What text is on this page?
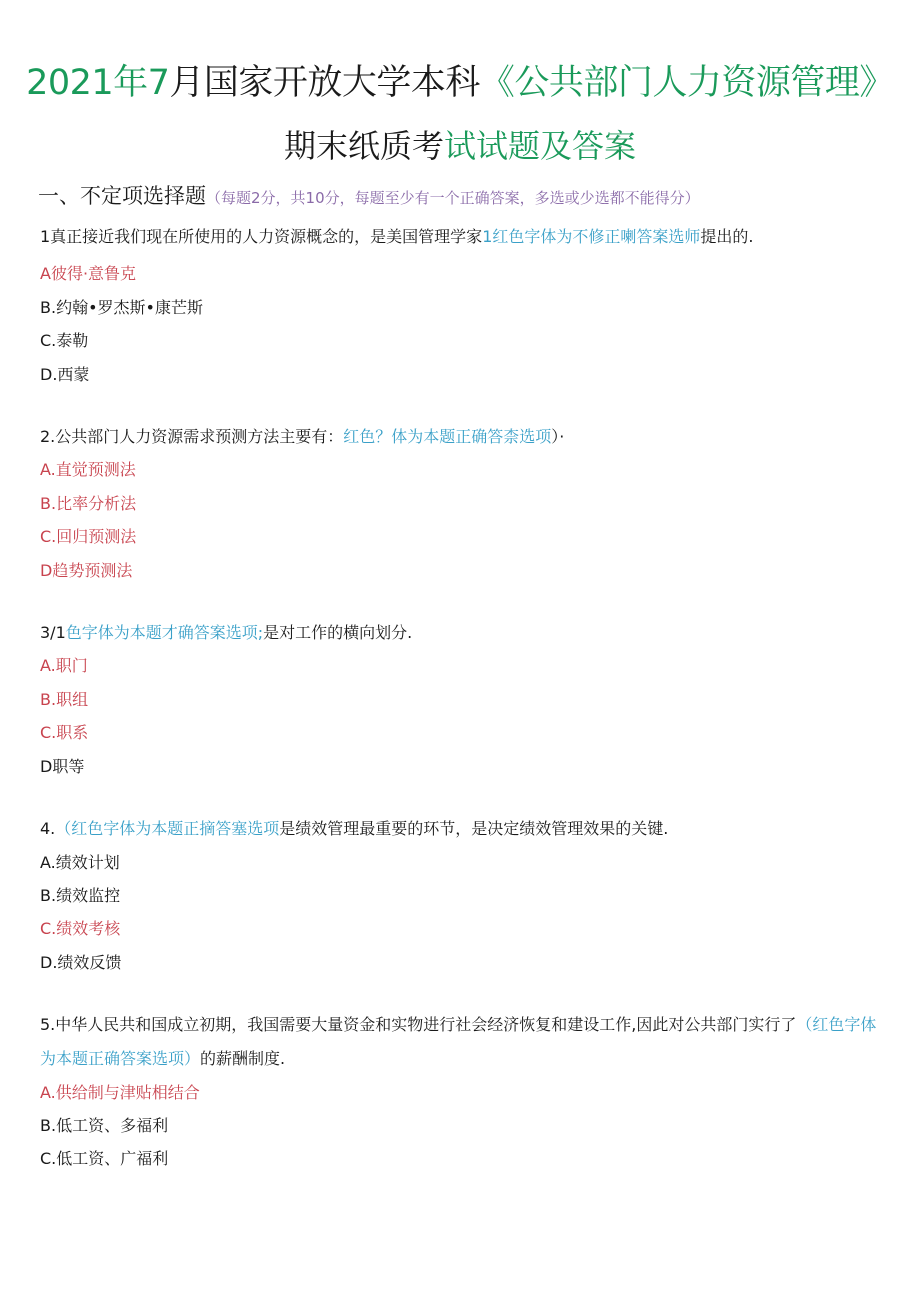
2021年7月国家开放大学本科《公共部门人力资源管理》
期末纸质考试试题及答案
一、不定项选择题（每题2分，共10分，每题至少有一个正确答案，多选或少选都不能得分）
1真正接近我们现在所使用的人力资源概念的，是美国管理学家1红色字体为不修正喇答案选师提出的.
A彼得·意鲁克
B.约翰•罗杰斯•康芒斯
C.泰勒
D.西蒙
2.公共部门人力资源需求预测方法主要有：红色？体为本题正确答柰选项）·
A.直觉预测法
B.比率分析法
C.回归预测法
D趋势预测法
3/1色字体为本题才确答案选项;是对工作的横向划分.
A.职门
B.职组
C.职系
D职等
4.（红色字体为本题正摘答塞选项是绩效管理最重要的环节，是决定绩效管理效果的关键.
A.绩效计划
B.绩效监控
C.绩效考核
D.绩效反馈
5.中华人民共和国成立初期，我国需要大量资金和实物进行社会经济恢复和建设工作,因此对公共部门实行了（红色字体为本题正确答案选项）的薪酬制度.
A.供给制与津贴相结合
B.低工资、多福利
C.低工资、广福利
